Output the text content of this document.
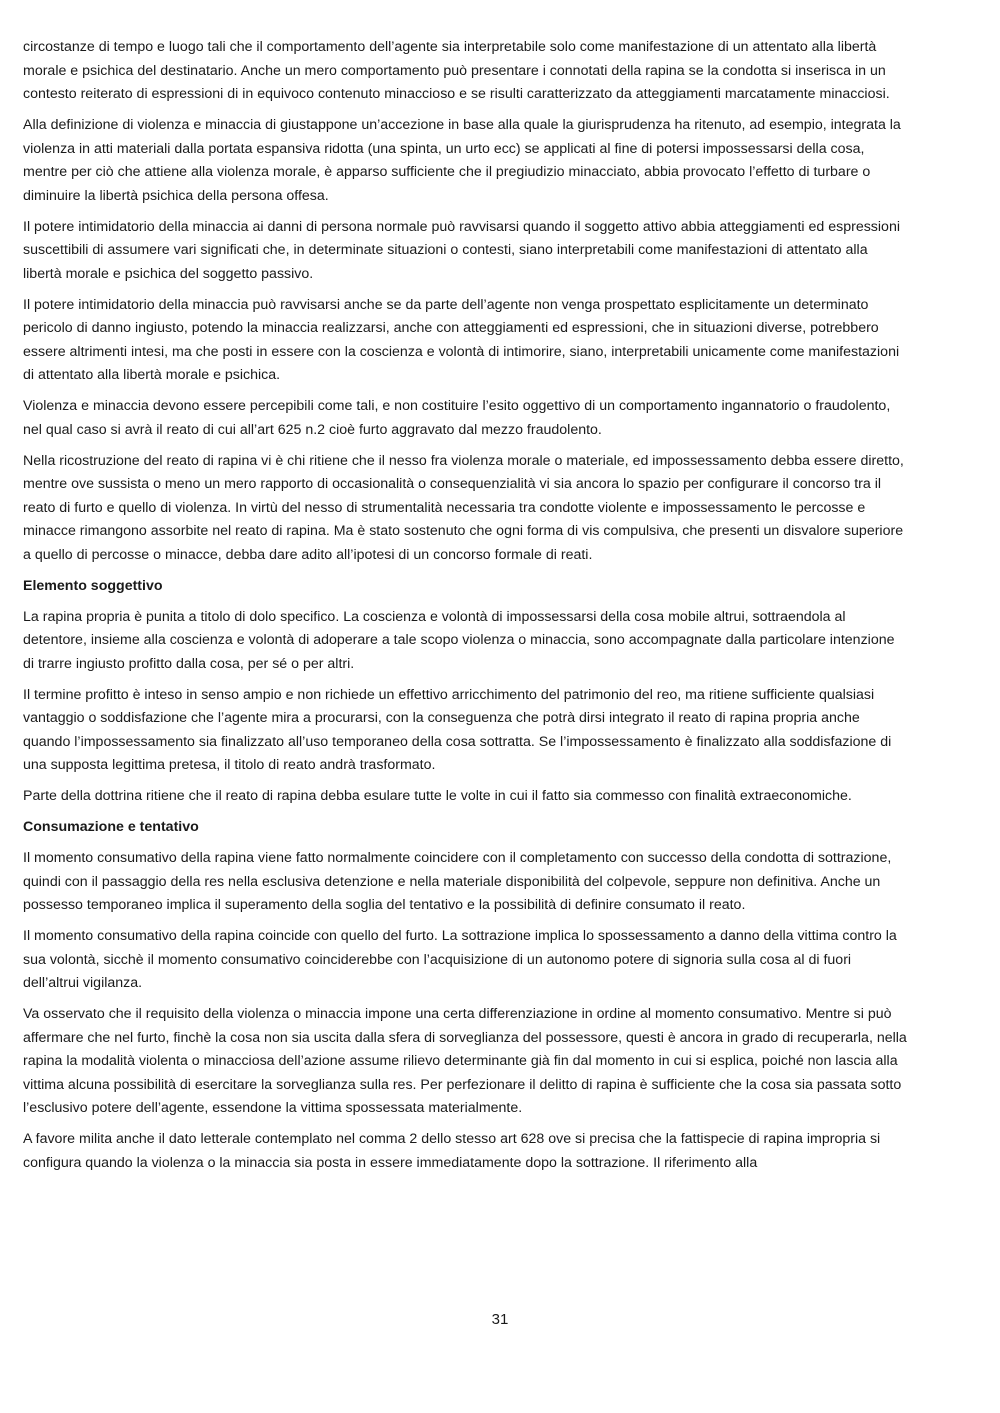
circostanze di tempo e luogo tali che il comportamento dell’agente sia interpretabile solo come manifestazione di un attentato alla libertà morale e psichica del destinatario. Anche un mero comportamento può presentare i connotati della rapina se la condotta si inserisca in un contesto reiterato di espressioni di in equivoco contenuto minaccioso e se risulti caratterizzato da atteggiamenti marcatamente minacciosi.

Alla definizione di violenza e minaccia di giustappone un’accezione in base alla quale la giurisprudenza ha ritenuto, ad esempio, integrata la violenza in atti materiali dalla portata espansiva ridotta (una spinta, un urto ecc) se applicati al fine di potersi impossessarsi della cosa, mentre per ciò che attiene alla violenza morale, è apparso sufficiente che il pregiudizio minacciato, abbia provocato l’effetto di turbare o diminuire la libertà psichica della persona offesa.

Il potere intimidatorio della minaccia ai danni di persona normale può ravvisarsi quando il soggetto attivo abbia atteggiamenti ed espressioni suscettibili di assumere vari significati che, in determinate situazioni o contesti, siano interpretabili come manifestazioni di attentato alla libertà morale e psichica del soggetto passivo.

Il potere intimidatorio della minaccia può ravvisarsi anche se da parte dell’agente non venga prospettato esplicitamente un determinato pericolo di danno ingiusto, potendo la minaccia realizzarsi, anche con atteggiamenti ed espressioni, che in situazioni diverse, potrebbero essere altrimenti intesi, ma che posti in essere con la coscienza e volontà di intimorire, siano, interpretabili unicamente come manifestazioni di attentato alla libertà morale e psichica.

Violenza e minaccia devono essere percepibili come tali, e non costituire l’esito oggettivo di un comportamento ingannatorio o fraudolento, nel qual caso si avrà il reato di cui all’art 625 n.2 cioè furto aggravato dal mezzo fraudolento.

Nella ricostruzione del reato di rapina vi è chi ritiene che il nesso fra violenza morale o materiale, ed impossessamento debba essere diretto, mentre ove sussista o meno un mero rapporto di occasionalità o consequenzialità vi sia ancora lo spazio per configurare il concorso tra il reato di furto e quello di violenza. In virtù del nesso di strumentalità necessaria tra condotte violente e impossessamento le percosse e minacce rimangono assorbite nel reato di rapina. Ma è stato sostenuto che ogni forma di vis compulsiva, che presenti un disvalore superiore a quello di percosse o minacce, debba dare adito all’ipotesi di un concorso formale di reati.

Elemento soggettivo

La rapina propria è punita a titolo di dolo specifico. La coscienza e volontà di impossessarsi della cosa mobile altrui, sottraendola al detentore, insieme alla coscienza e volontà di adoperare a tale scopo violenza o minaccia, sono accompagnate dalla particolare intenzione di trarre ingiusto profitto dalla cosa, per sé o per altri.

Il termine profitto è inteso in senso ampio e non richiede un effettivo arricchimento del patrimonio del reo, ma ritiene sufficiente qualsiasi vantaggio o soddisfazione che l’agente mira a procurarsi, con la conseguenza che potrà dirsi integrato il reato di rapina propria anche quando l’impossessamento sia finalizzato all’uso temporaneo della cosa sottratta. Se l’impossessamento è finalizzato alla soddisfazione di una supposta legittima pretesa, il titolo di reato andrà trasformato.

Parte della dottrina ritiene che il reato di rapina debba esulare tutte le volte in cui il fatto sia commesso con finalità extraeconomiche.

Consumazione e tentativo

Il momento consumativo della rapina viene fatto normalmente coincidere con il completamento con successo della condotta di sottrazione, quindi con il passaggio della res nella esclusiva detenzione e nella materiale disponibilità del colpevole, seppure non definitiva. Anche un possesso temporaneo implica il superamento della soglia del tentativo e la possibilità di definire consumato il reato.

Il momento consumativo della rapina coincide con quello del furto. La sottrazione implica lo spossessamento a danno della vittima contro la sua volontà, sicchè il momento consumativo coinciderebbe con l’acquisizione di un autonomo potere di signoria sulla cosa al di fuori dell’altrui vigilanza.

Va osservato che il requisito della violenza o minaccia impone una certa differenziazione in ordine al momento consumativo. Mentre si può affermare che nel furto, finchè la cosa non sia uscita dalla sfera di sorveglianza del possessore, questi è ancora in grado di recuperarla, nella rapina la modalità violenta o minacciosa dell’azione assume rilievo determinante già fin dal momento in cui si esplica, poiché non lascia alla vittima alcuna possibilità di esercitare la sorveglianza sulla res. Per perfezionare il delitto di rapina è sufficiente che la cosa sia passata sotto l’esclusivo potere dell’agente, essendone la vittima spossessata materialmente.

A favore milita anche il dato letterale contemplato nel comma 2 dello stesso art 628 ove si precisa che la fattispecie di rapina impropria si configura quando la violenza o la minaccia sia posta in essere immediatamente dopo la sottrazione. Il riferimento alla

31
